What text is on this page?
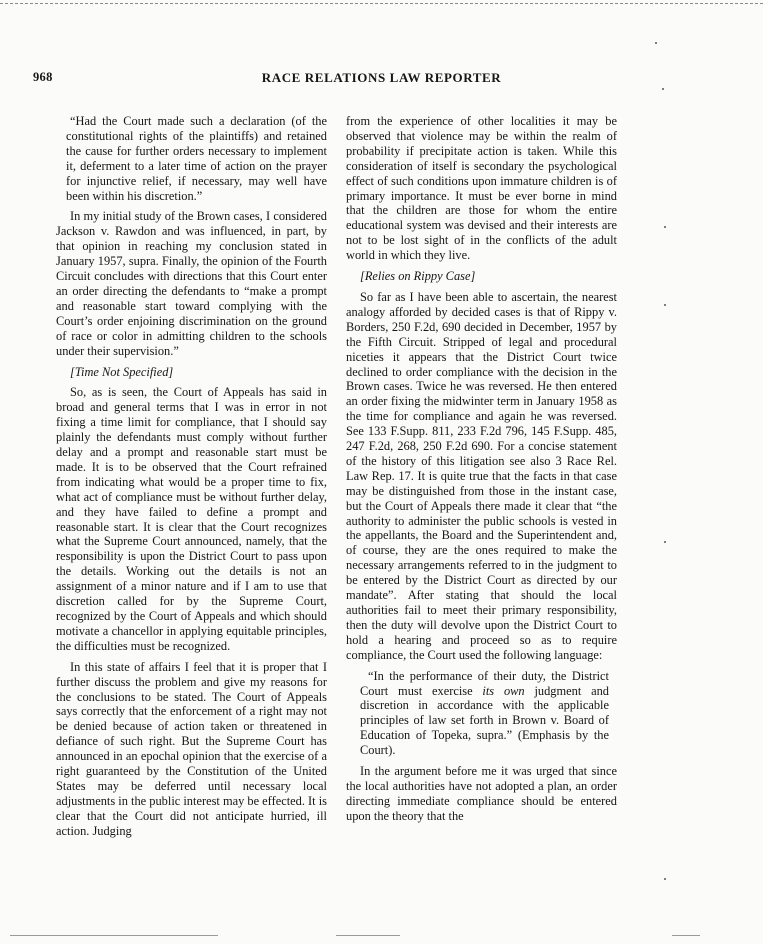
968	RACE RELATIONS LAW REPORTER

“Had the Court made such a declaration (of the constitutional rights of the plaintiffs) and retained the cause for further orders necessary to implement it, deferment to a later time of action on the prayer for injunctive relief, if necessary, may well have been within his discretion.”

In my initial study of the Brown cases, I considered Jackson v. Rawdon and was influenced, in part, by that opinion in reaching my conclusion stated in January 1957, supra. Finally, the opinion of the Fourth Circuit concludes with directions that this Court enter an order directing the defendants to “make a prompt and reasonable start toward complying with the Court’s order enjoining discrimination on the ground of race or color in admitting children to the schools under their supervision.”

[Time Not Specified]

So, as is seen, the Court of Appeals has said in broad and general terms that I was in error in not fixing a time limit for compliance, that I should say plainly the defendants must comply without further delay and a prompt and reasonable start must be made. It is to be observed that the Court refrained from indicating what would be a proper time to fix, what act of compliance must be without further delay, and they have failed to define a prompt and reasonable start. It is clear that the Court recognizes what the Supreme Court announced, namely, that the responsibility is upon the District Court to pass upon the details. Working out the details is not an assignment of a minor nature and if I am to use that discretion called for by the Supreme Court, recognized by the Court of Appeals and which should motivate a chancellor in applying equitable principles, the difficulties must be recognized.

In this state of affairs I feel that it is proper that I further discuss the problem and give my reasons for the conclusions to be stated. The Court of Appeals says correctly that the enforcement of a right may not be denied because of action taken or threatened in defiance of such right. But the Supreme Court has announced in an epochal opinion that the exercise of a right guaranteed by the Constitution of the United States may be deferred until necessary local adjustments in the public interest may be effected. It is clear that the Court did not anticipate hurried, ill action. Judging

from the experience of other localities it may be observed that violence may be within the realm of probability if precipitate action is taken. While this consideration of itself is secondary the psychological effect of such conditions upon immature children is of primary importance. It must be ever borne in mind that the children are those for whom the entire educational system was devised and their interests are not to be lost sight of in the conflicts of the adult world in which they live.

[Relies on Rippy Case]

So far as I have been able to ascertain, the nearest analogy afforded by decided cases is that of Rippy v. Borders, 250 F.2d, 690 decided in December, 1957 by the Fifth Circuit. Stripped of legal and procedural niceties it appears that the District Court twice declined to order compliance with the decision in the Brown cases. Twice he was reversed. He then entered an order fixing the midwinter term in January 1958 as the time for compliance and again he was reversed. See 133 F.Supp. 811, 233 F.2d 796, 145 F.Supp. 485, 247 F.2d, 268, 250 F.2d 690. For a concise statement of the history of this litigation see also 3 Race Rel. Law Rep. 17. It is quite true that the facts in that case may be distinguished from those in the instant case, but the Court of Appeals there made it clear that “the authority to administer the public schools is vested in the appellants, the Board and the Superintendent and, of course, they are the ones required to make the necessary arrangements referred to in the judgment to be entered by the District Court as directed by our mandate”. After stating that should the local authorities fail to meet their primary responsibility, then the duty will devolve upon the District Court to hold a hearing and proceed so as to require compliance, the Court used the following language:

“In the performance of their duty, the District Court must exercise its own judgment and discretion in accordance with the applicable principles of law set forth in Brown v. Board of Education of Topeka, supra.” (Emphasis by the Court).

In the argument before me it was urged that since the local authorities have not adopted a plan, an order directing immediate compliance should be entered upon the theory that the
